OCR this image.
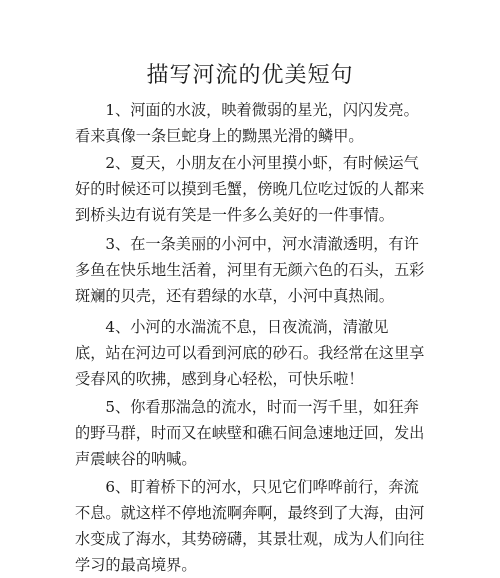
描写河流的优美短句

1、河面的水波，映着微弱的星光，闪闪发亮。
看来真像一条巨蛇身上的黝黑光滑的鳞甲。

2、夏天，小朋友在小河里摸小虾，有时候运气
好的时候还可以摸到毛蟹，傍晚几位吃过饭的人都来
到桥头边有说有笑是一件多么美好的一件事情。

3、在一条美丽的小河中，河水清澈透明，有许
多鱼在快乐地生活着，河里有无颜六色的石头，五彩
斑斓的贝壳，还有碧绿的水草，小河中真热闹。

4、小河的水湍流不息，日夜流淌，清澈见
底，站在河边可以看到河底的砂石。我经常在这里享
受春风的吹拂，感到身心轻松，可快乐啦！

5、你看那湍急的流水，时而一泻千里，如狂奔
的野马群，时而又在峡壁和礁石间急速地迂回，发出
声震峡谷的呐喊。

6、盯着桥下的河水，只见它们哗哗前行，奔流
不息。就这样不停地流啊奔啊，最终到了大海，由河
水变成了海水，其势磅礴，其景壮观，成为人们向往
学习的最高境界。
